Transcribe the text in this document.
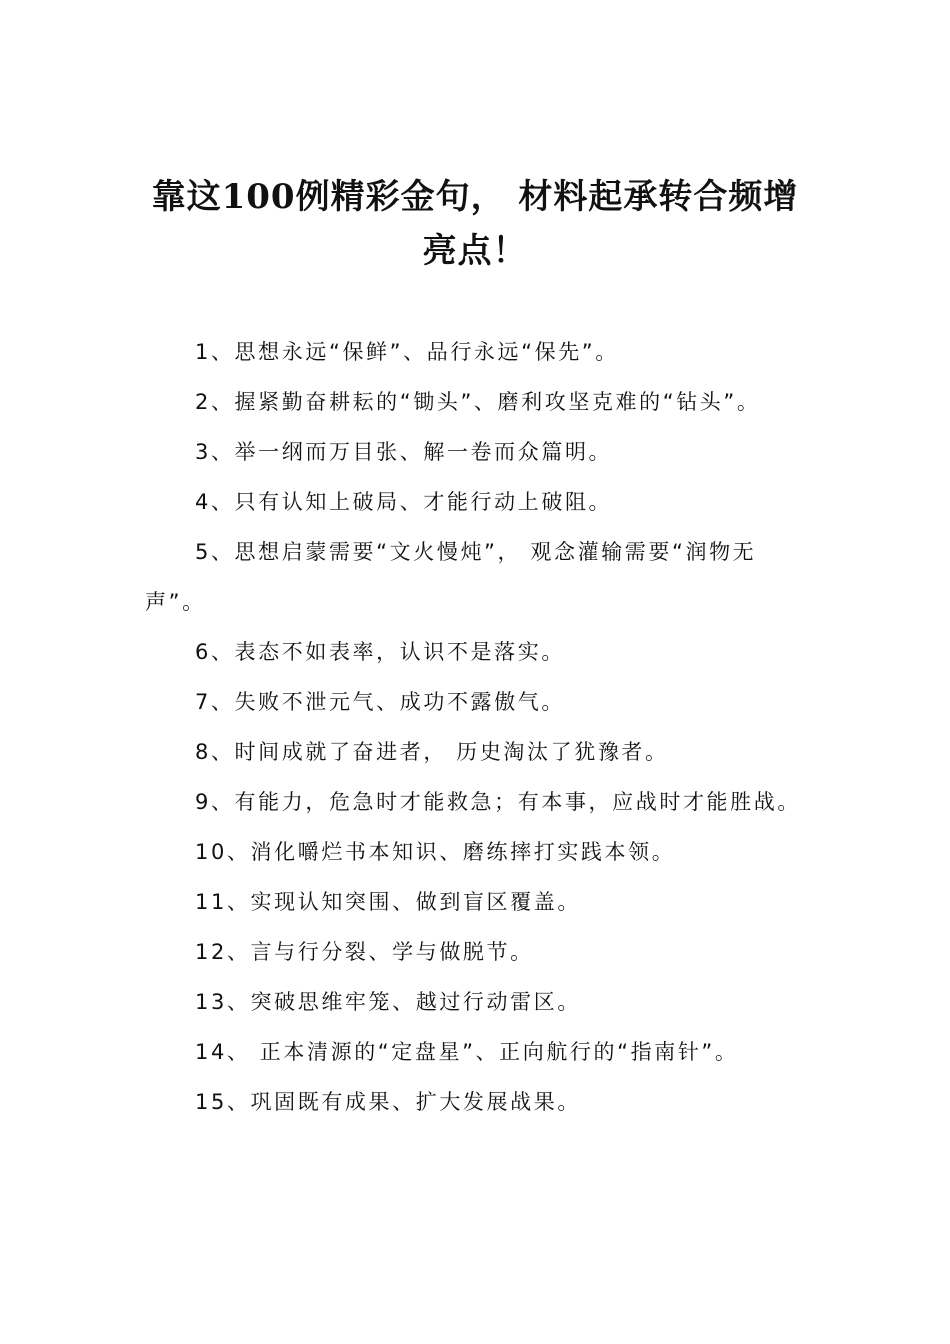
靠这100例精彩金句， 材料起承转合频增亮点！

1、思想永远“保鲜”、品行永远“保先”。

2、握紧勤奋耕耘的“锄头”、磨利攻坚克难的“钻头”。

3、举一纲而万目张、解一卷而众篇明。

4、只有认知上破局、才能行动上破阻。

5、思想启蒙需要“文火慢炖”， 观念灌输需要“润物无声”。

6、表态不如表率，认识不是落实。

7、失败不泄元气、成功不露傲气。

8、时间成就了奋进者， 历史淘汰了犹豫者。

9、有能力，危急时才能救急；有本事，应战时才能胜战。

10、消化嚼烂书本知识、磨练摔打实践本领。

11、实现认知突围、做到盲区覆盖。

12、言与行分裂、学与做脱节。

13、突破思维牢笼、越过行动雷区。

14、 正本清源的“定盘星”、正向航行的“指南针”。

15、巩固既有成果、扩大发展战果。
